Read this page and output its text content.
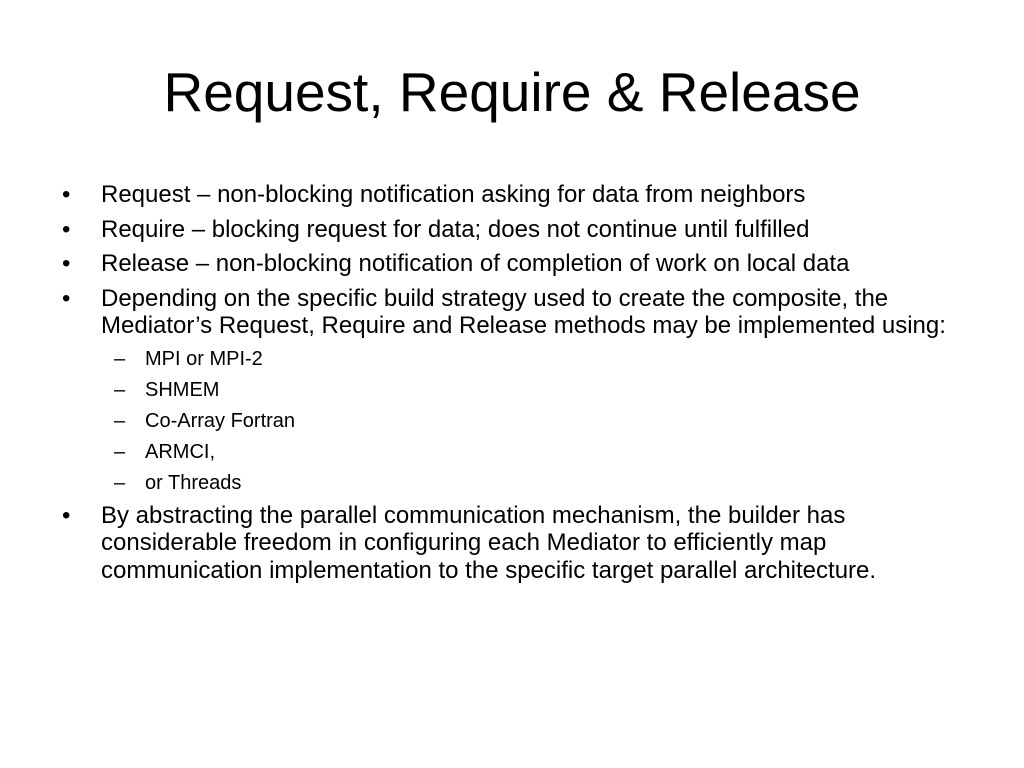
Request, Require & Release
•	Request – non-blocking notification asking for data from neighbors
•	Require – blocking request for data; does not continue until fulfilled
•	Release – non-blocking notification of completion of work on local data
•	Depending on the specific build strategy used to create the composite, the Mediator’s Request, Require and Release methods may be implemented using:
– MPI or MPI-2
– SHMEM
– Co-Array Fortran
– ARMCI,
– or Threads
•	By abstracting the parallel communication mechanism, the builder has considerable freedom in configuring each Mediator to efficiently map communication implementation to the specific target parallel architecture.
